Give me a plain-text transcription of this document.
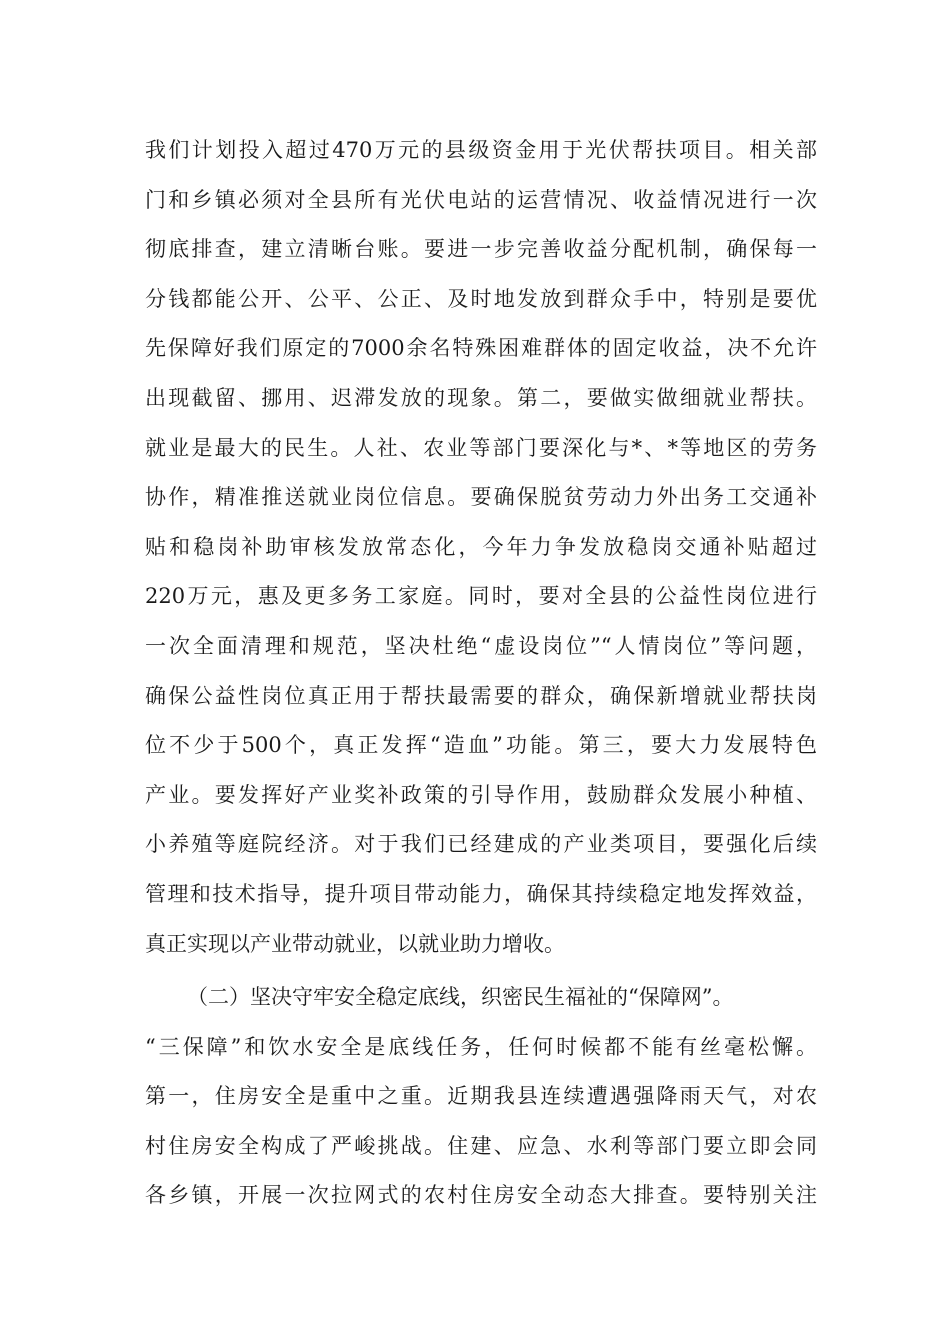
我们计划投入超过470万元的县级资金用于光伏帮扶项目。相关部
门和乡镇必须对全县所有光伏电站的运营情况、收益情况进行一次
彻底排查，建立清晰台账。要进一步完善收益分配机制，确保每一
分钱都能公开、公平、公正、及时地发放到群众手中，特别是要优
先保障好我们原定的7000余名特殊困难群体的固定收益，决不允许
出现截留、挪用、迟滞发放的现象。第二，要做实做细就业帮扶。
就业是最大的民生。人社、农业等部门要深化与*、*等地区的劳务
协作，精准推送就业岗位信息。要确保脱贫劳动力外出务工交通补
贴和稳岗补助审核发放常态化，今年力争发放稳岗交通补贴超过
220万元，惠及更多务工家庭。同时，要对全县的公益性岗位进行
一次全面清理和规范，坚决杜绝“虚设岗位”“人情岗位”等问题，
确保公益性岗位真正用于帮扶最需要的群众，确保新增就业帮扶岗
位不少于500个，真正发挥“造血”功能。第三，要大力发展特色
产业。要发挥好产业奖补政策的引导作用，鼓励群众发展小种植、
小养殖等庭院经济。对于我们已经建成的产业类项目，要强化后续
管理和技术指导，提升项目带动能力，确保其持续稳定地发挥效益，
真正实现以产业带动就业，以就业助力增收。
（二）坚决守牢安全稳定底线，织密民生福祉的“保障网”。
“三保障”和饮水安全是底线任务，任何时候都不能有丝毫松懈。
第一，住房安全是重中之重。近期我县连续遭遇强降雨天气，对农
村住房安全构成了严峻挑战。住建、应急、水利等部门要立即会同
各乡镇，开展一次拉网式的农村住房安全动态大排查。要特别关注
